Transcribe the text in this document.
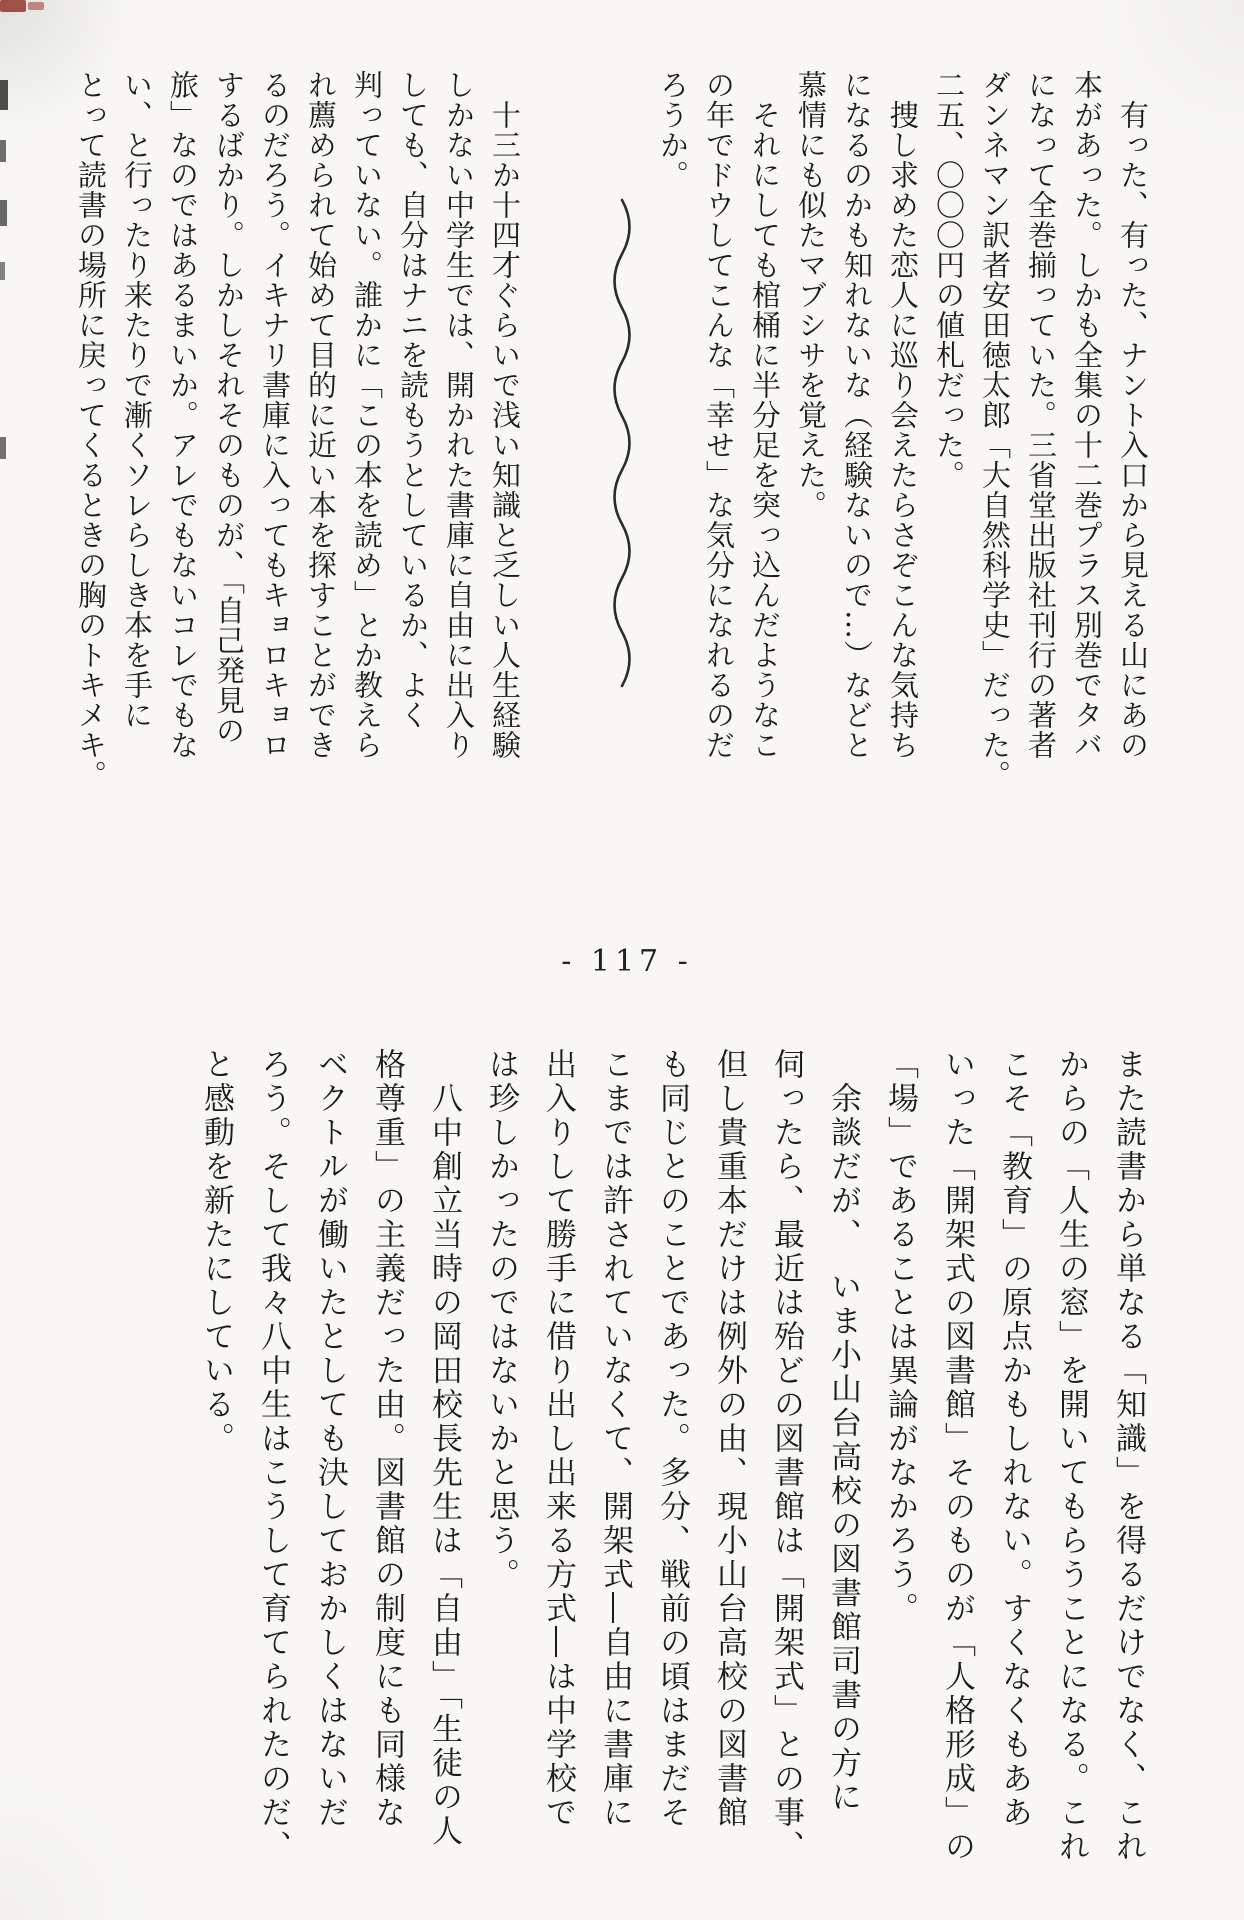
　有った、有った、ナント入口から見える山にあの

本があった。しかも全集の十二巻プラス別巻でタバ

になって全巻揃っていた。三省堂出版社刊行の著者

ダンネマン訳者安田徳太郎「大自然科学史」だった。

二五、〇〇〇円の値札だった。

　捜し求めた恋人に巡り会えたらさぞこんな気持ち

になるのかも知れないな（経験ないので…）などと

慕情にも似たマブシサを覚えた。

　それにしても棺桶に半分足を突っ込んだようなこ

の年でドウしてこんな「幸せ」な気分になれるのだ

ろうか。

　十三か十四才ぐらいで浅い知識と乏しい人生経験

しかない中学生では、開かれた書庫に自由に出入り

しても、自分はナニを読もうとしているか、よく

判っていない。誰かに「この本を読め」とか教えら

れ薦められて始めて目的に近い本を探すことができ

るのだろう。イキナリ書庫に入ってもキョロキョロ

するばかり。しかしそれそのものが、「自己発見の

旅」なのではあるまいか。アレでもないコレでもな

い、と行ったり来たりで漸くソレらしき本を手に

とって読書の場所に戻ってくるときの胸のトキメキ。

- 117 -

また読書から単なる「知識」を得るだけでなく、これ

からの「人生の窓」を開いてもらうことになる。これ

こそ「教育」の原点かもしれない。すくなくもああ

いった「開架式の図書館」そのものが「人格形成」の

「場」であることは異論がなかろう。

　余談だが、　いま小山台高校の図書館司書の方に

伺ったら、最近は殆どの図書館は「開架式」との事、

但し貴重本だけは例外の由、現小山台高校の図書館

も同じとのことであった。多分、戦前の頃はまだそ

こまでは許されていなくて、開架式―自由に書庫に

出入りして勝手に借り出し出来る方式―は中学校で

は珍しかったのではないかと思う。

　八中創立当時の岡田校長先生は「自由」「生徒の人

格尊重」の主義だった由。図書館の制度にも同様な

ベクトルが働いたとしても決しておかしくはないだ

ろう。そして我々八中生はこうして育てられたのだ、

と感動を新たにしている。
